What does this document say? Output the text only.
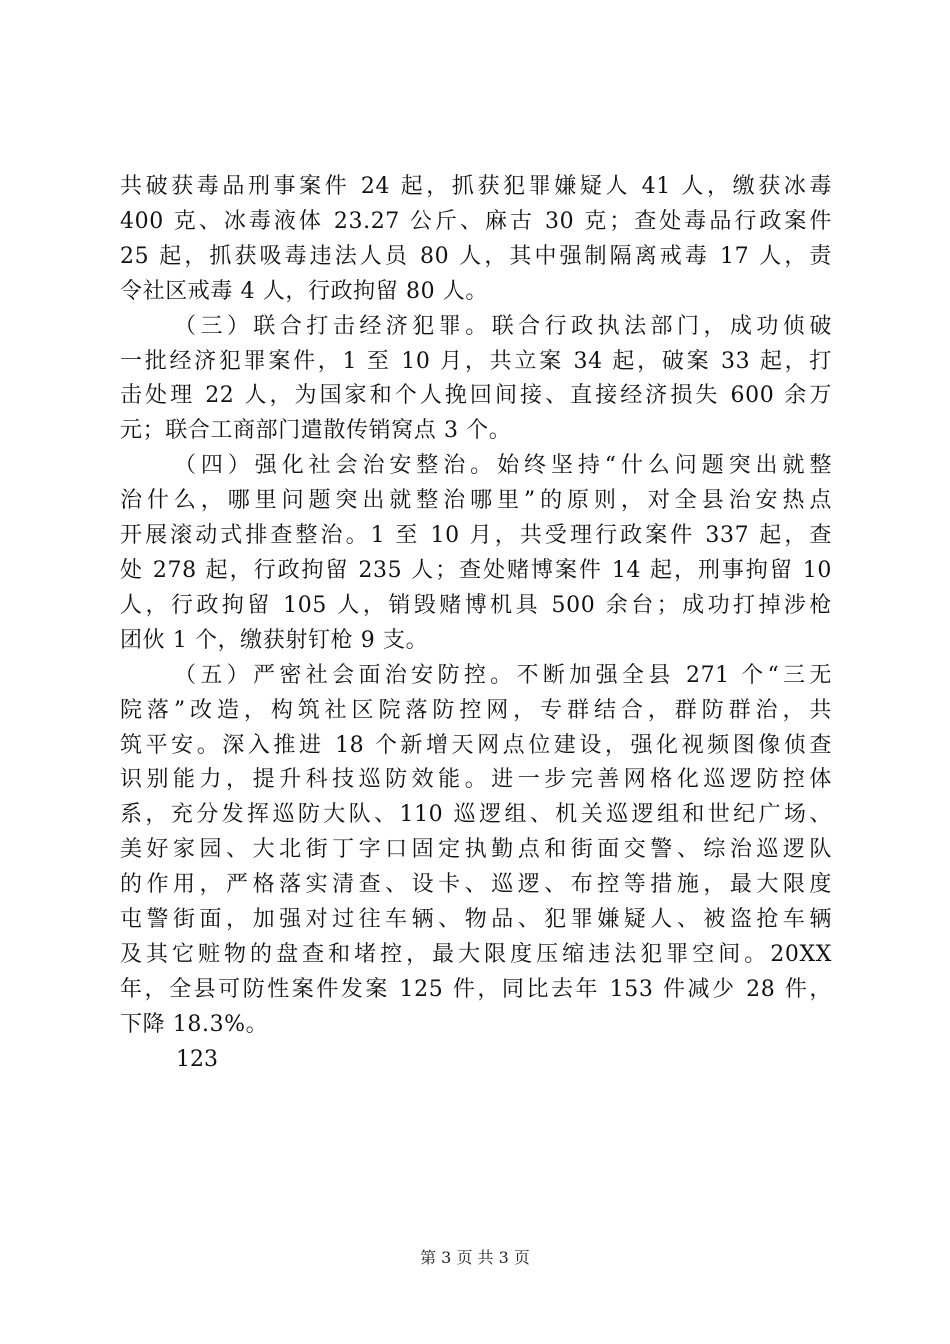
共破获毒品刑事案件 24 起，抓获犯罪嫌疑人 41 人，缴获冰毒
400 克、冰毒液体 23.27 公斤、麻古 30 克；查处毒品行政案件
25 起，抓获吸毒违法人员 80 人，其中强制隔离戒毒 17 人，责
令社区戒毒 4 人，行政拘留 80 人。
（三）联合打击经济犯罪。联合行政执法部门，成功侦破
一批经济犯罪案件，1 至 10 月，共立案 34 起，破案 33 起，打
击处理 22 人，为国家和个人挽回间接、直接经济损失 600 余万
元；联合工商部门遣散传销窝点 3 个。
（四）强化社会治安整治。始终坚持“什么问题突出就整
治什么，哪里问题突出就整治哪里”的原则，对全县治安热点
开展滚动式排查整治。1 至 10 月，共受理行政案件 337 起，查
处 278 起，行政拘留 235 人；查处赌博案件 14 起，刑事拘留 10
人，行政拘留 105 人，销毁赌博机具 500 余台；成功打掉涉枪
团伙 1 个，缴获射钉枪 9 支。
（五）严密社会面治安防控。不断加强全县 271 个“三无
院落”改造，构筑社区院落防控网，专群结合，群防群治，共
筑平安。深入推进 18 个新增天网点位建设，强化视频图像侦查
识别能力，提升科技巡防效能。进一步完善网格化巡逻防控体
系，充分发挥巡防大队、110 巡逻组、机关巡逻组和世纪广场、
美好家园、大北街丁字口固定执勤点和街面交警、综治巡逻队
的作用，严格落实清查、设卡、巡逻、布控等措施，最大限度
屯警街面，加强对过往车辆、物品、犯罪嫌疑人、被盗抢车辆
及其它赃物的盘查和堵控，最大限度压缩违法犯罪空间。20XX
年，全县可防性案件发案 125 件，同比去年 153 件减少 28 件，
下降 18.3%。
123
第 3 页 共 3 页
